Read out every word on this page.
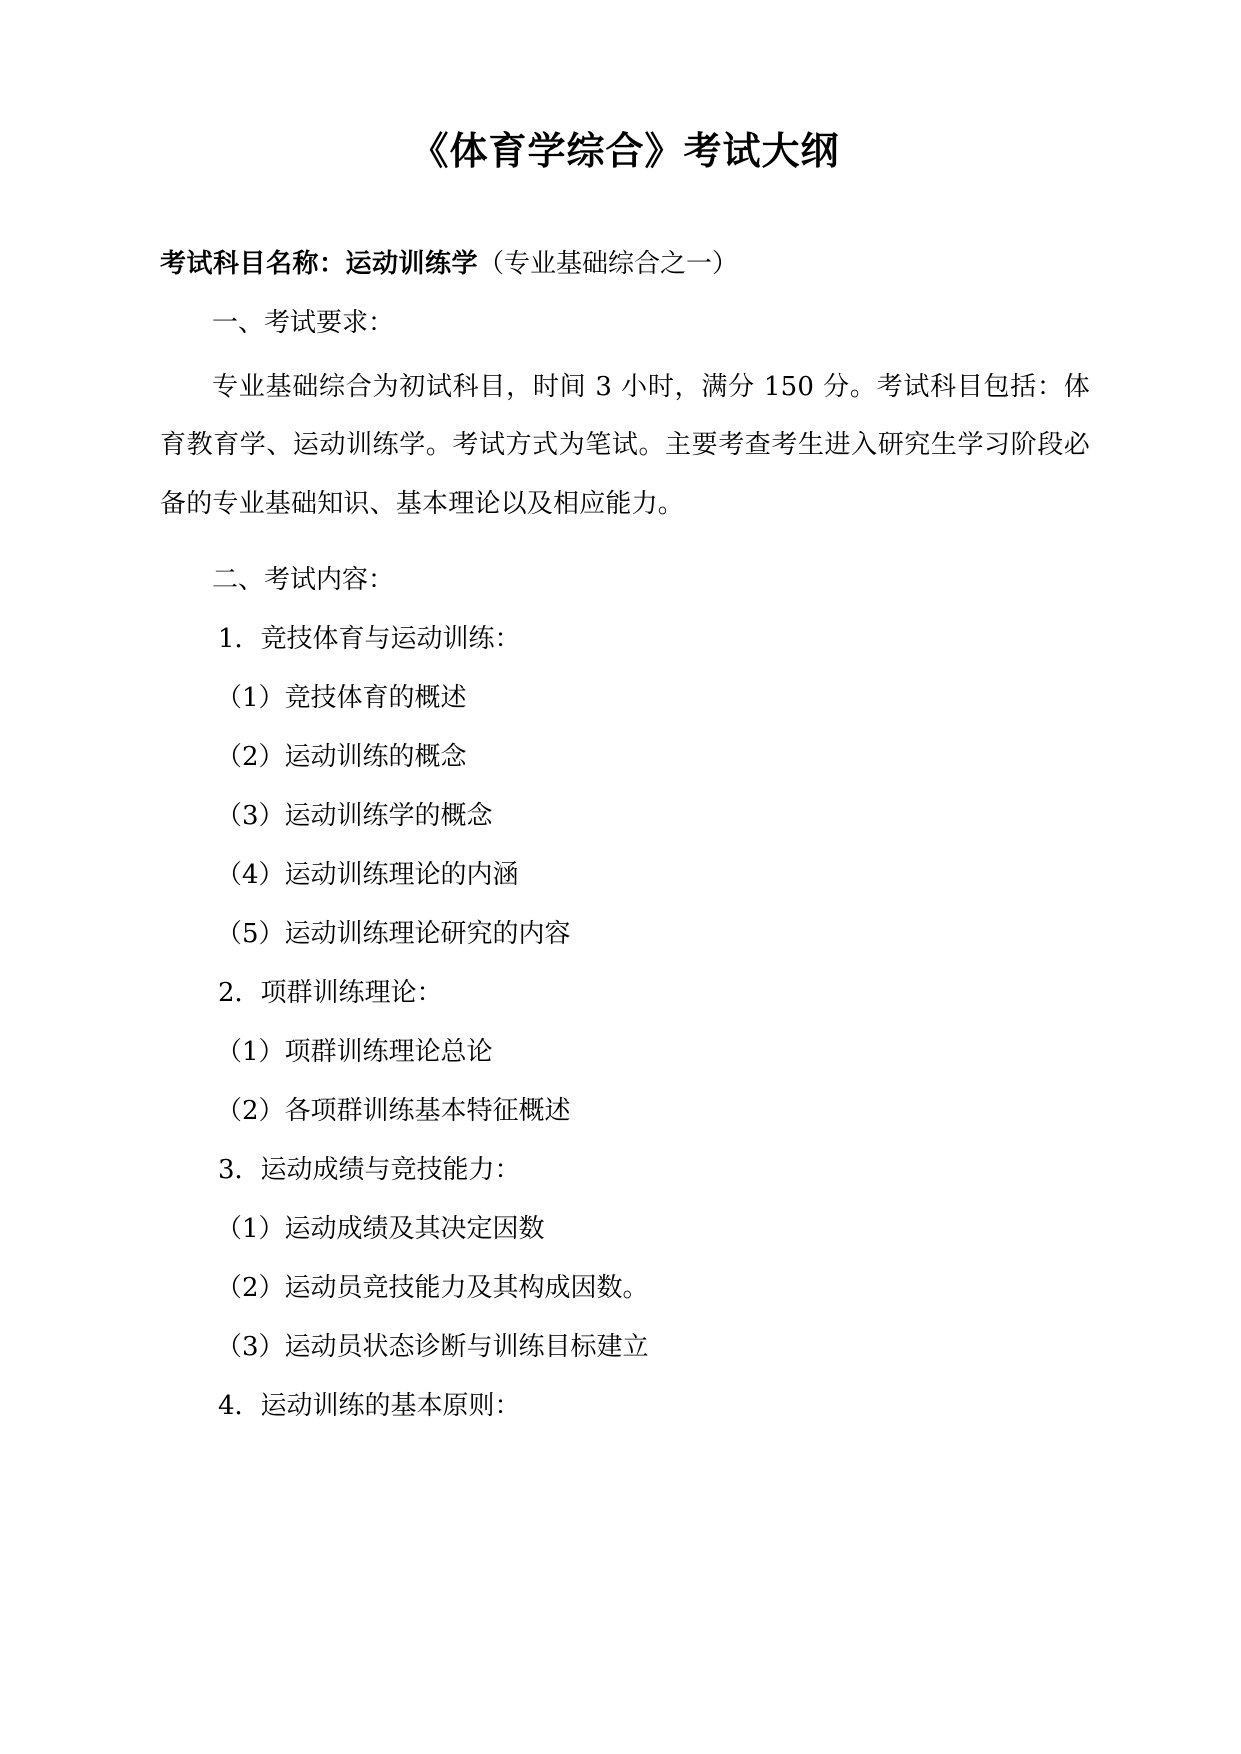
《体育学综合》考试大纲

考试科目名称：运动训练学（专业基础综合之一）

一、考试要求：

专业基础综合为初试科目，时间 3 小时，满分 150 分。考试科目包括：体育教育学、运动训练学。考试方式为笔试。主要考查考生进入研究生学习阶段必备的专业基础知识、基本理论以及相应能力。

二、考试内容：

1．竞技体育与运动训练：

（1）竞技体育的概述

（2）运动训练的概念

（3）运动训练学的概念

（4）运动训练理论的内涵

（5）运动训练理论研究的内容

2．项群训练理论：

（1）项群训练理论总论

（2）各项群训练基本特征概述

3．运动成绩与竞技能力：

（1）运动成绩及其决定因数

（2）运动员竞技能力及其构成因数。

（3）运动员状态诊断与训练目标建立

4．运动训练的基本原则：
